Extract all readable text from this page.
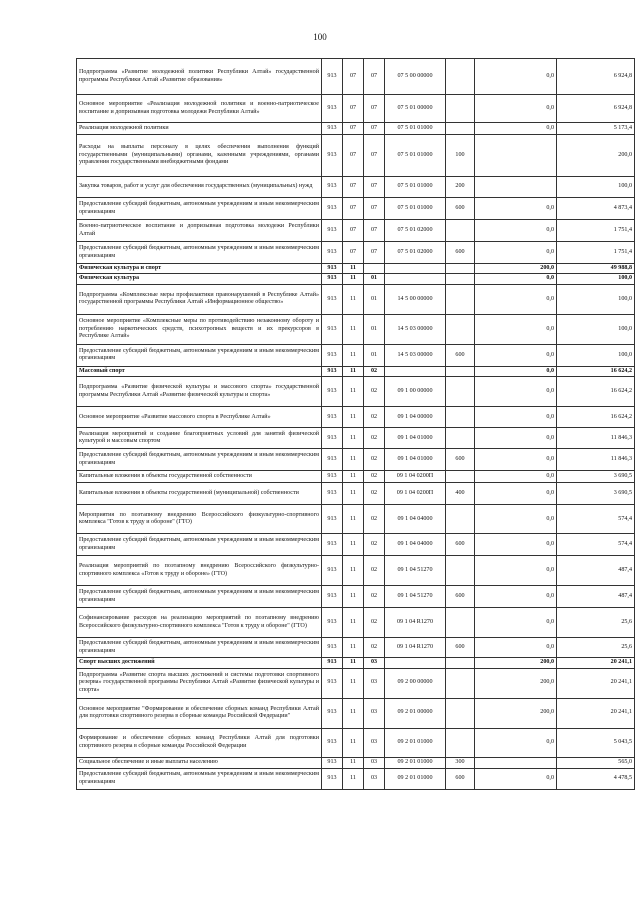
100
Подпрограмма «Развитие молодежной политики Республики Алтай» государственной программы Республики Алтай «Развитие образования»	913	07	07	07 5 00 00000		0,0	6 924,8
Основное мероприятие «Реализация молодежной политики и военно-патриотическое воспитание и допризывная подготовка молодежи Республики Алтай»	913	07	07	07 5 01 00000		0,0	6 924,8
Реализация молодежной политики	913	07	07	07 5 01 01000		0,0	5 173,4
Расходы на выплаты персоналу в целях обеспечения выполнения функций государственными (муниципальными) органами, казенными учреждениями, органами управления государственными внебюджетными фондами	913	07	07	07 5 01 01000	100		200,0
Закупка товаров, работ и услуг для обеспечения государственных (муниципальных) нужд	913	07	07	07 5 01 01000	200		100,0
Предоставление субсидий бюджетным, автономным учреждениям и иным некоммерческим организациям	913	07	07	07 5 01 01000	600	0,0	4 873,4
Военно-патриотическое воспитание и допризывная подготовка молодежи Республики Алтай	913	07	07	07 5 01 02000		0,0	1 751,4
Предоставление субсидий бюджетным, автономным учреждениям и иным некоммерческим организациям	913	07	07	07 5 01 02000	600	0,0	1 751,4
Физическая культура и спорт	913	11				200,0	49 988,8
Физическая культура	913	11	01			0,0	100,0
Подпрограмма «Комплексные меры профилактики правонарушений в Республике Алтай» государственной программы Республики Алтай «Информационное общество»	913	11	01	14 5 00 00000		0,0	100,0
Основное мероприятие «Комплексные меры по противодействию незаконному обороту и потреблению наркотических средств, психотропных веществ и их прекурсоров в Республике Алтай»	913	11	01	14 5 03 00000		0,0	100,0
Предоставление субсидий бюджетным, автономным учреждениям и иным некоммерческим организациям	913	11	01	14 5 03 00000	600	0,0	100,0
Массовый спорт	913	11	02			0,0	16 624,2
Подпрограмма «Развитие физической культуры и массового спорта» государственной программы Республики Алтай «Развитие физической культуры и спорта»	913	11	02	09 1 00 00000		0,0	16 624,2
Основное мероприятие «Развитие массового спорта в Республике Алтай»	913	11	02	09 1 04 00000		0,0	16 624,2
Реализация мероприятий и создание благоприятных условий для занятий физической культурой и массовым спортом	913	11	02	09 1 04 01000		0,0	11 846,3
Предоставление субсидий бюджетным, автономным учреждениям и иным некоммерческим организациям	913	11	02	09 1 04 01000	600	0,0	11 846,3
Капитальные вложения в объекты государственной собственности	913	11	02	09 1 04 0200П		0,0	3 690,5
Капитальные вложения в объекты государственной (муниципальной) собственности	913	11	02	09 1 04 0200П	400	0,0	3 690,5
Мероприятия по поэтапному внедрению Всероссийского физкультурно-спортивного комплекса "Готов к труду и обороне" (ГТО)	913	11	02	09 1 04 04000		0,0	574,4
Предоставление субсидий бюджетным, автономным учреждениям и иным некоммерческим организациям	913	11	02	09 1 04 04000	600	0,0	574,4
Реализация мероприятий по поэтапному внедрению Всероссийского физкультурно-спортивного комплекса «Готов к труду и обороне» (ГТО)	913	11	02	09 1 04 51270		0,0	487,4
Предоставление субсидий бюджетным, автономным учреждениям и иным некоммерческим организациям	913	11	02	09 1 04 51270	600	0,0	487,4
Софинансирование расходов на реализацию мероприятий по поэтапному внедрению Всероссийского физкультурно-спортивного комплекса "Готов к труду и обороне" (ГТО)	913	11	02	09 1 04 R1270		0,0	25,6
Предоставление субсидий бюджетным, автономным учреждениям и иным некоммерческим организациям	913	11	02	09 1 04 R1270	600	0,0	25,6
Спорт высших достижений	913	11	03			200,0	20 241,1
Подпрограмма «Развитие спорта высших достижений и системы подготовки спортивного резерва» государственной программы Республики Алтай «Развитие физической культуры и спорта»	913	11	03	09 2 00 00000		200,0	20 241,1
Основное мероприятие "Формирование и обеспечение сборных команд Республики Алтай для подготовки спортивного резерва в сборные команды Российской Федерации"	913	11	03	09 2 01 00000		200,0	20 241,1
Формирование и обеспечение сборных команд Республики Алтай для подготовки спортивного резерва в сборные команды Российской Федерации	913	11	03	09 2 01 01000		0,0	5 043,5
Социальное обеспечение и иные выплаты населению	913	11	03	09 2 01 01000	300		565,0
Предоставление субсидий бюджетным, автономным учреждениям и иным некоммерческим организациям	913	11	03	09 2 01 01000	600	0,0	4 478,5
